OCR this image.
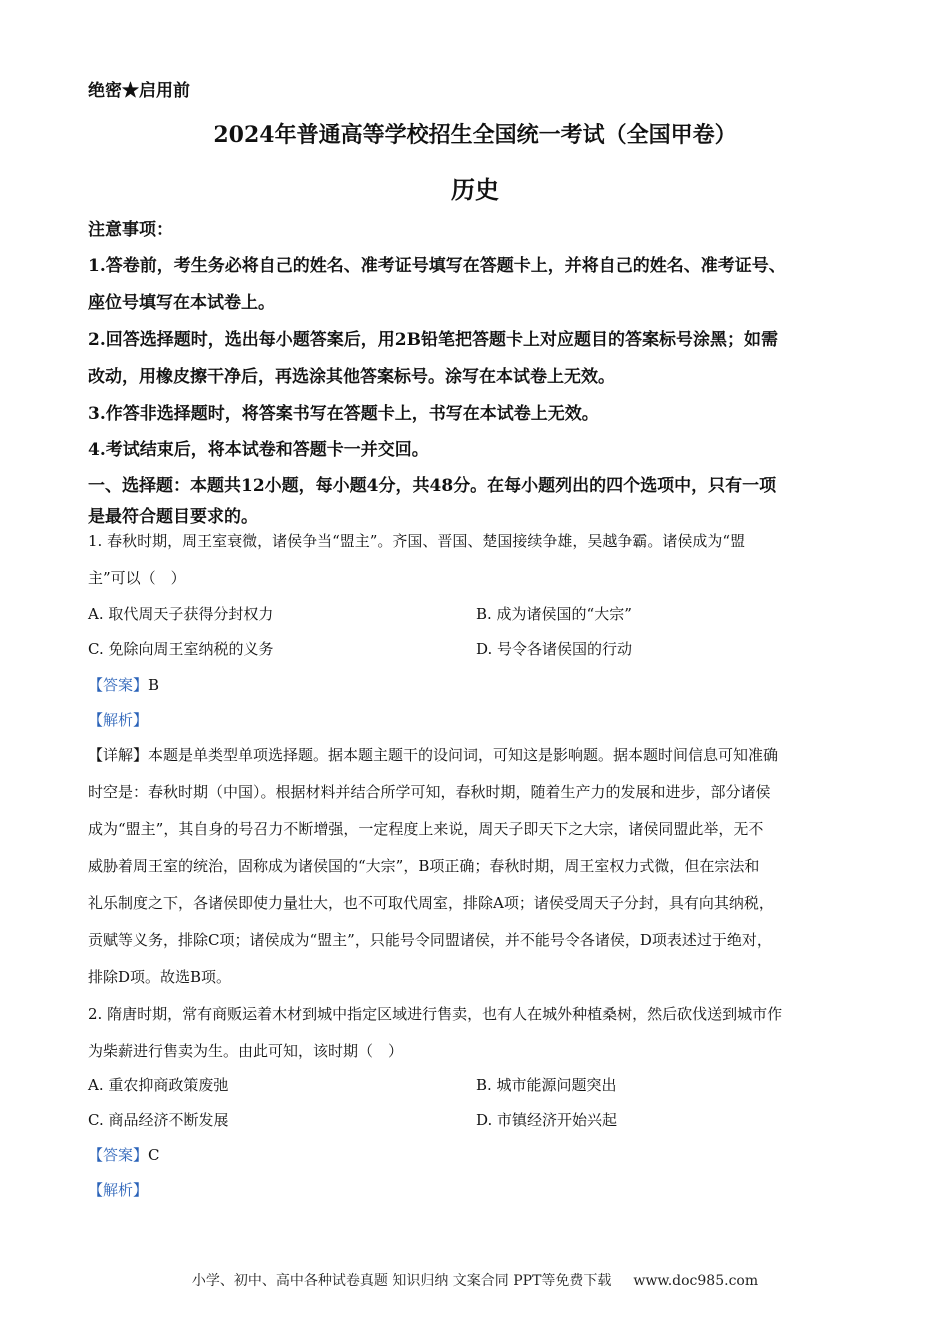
绝密★启用前
2024年普通高等学校招生全国统一考试（全国甲卷）
历史
注意事项：
1.答卷前，考生务必将自己的姓名、准考证号填写在答题卡上，并将自己的姓名、准考证号、
座位号填写在本试卷上。
2.回答选择题时，选出每小题答案后，用2B铅笔把答题卡上对应题目的答案标号涂黑；如需
改动，用橡皮擦干净后，再选涂其他答案标号。涂写在本试卷上无效。
3.作答非选择题时，将答案书写在答题卡上，书写在本试卷上无效。
4.考试结束后，将本试卷和答题卡一并交回。
一、选择题：本题共12小题，每小题4分，共48分。在每小题列出的四个选项中，只有一项
是最符合题目要求的。
1. 春秋时期，周王室衰微，诸侯争当“盟主”。齐国、晋国、楚国接续争雄，吴越争霸。诸侯成为“盟
主”可以（　）
A. 取代周天子获得分封权力	B. 成为诸侯国的“大宗”
C. 免除向周王室纳税的义务	D. 号令各诸侯国的行动
【答案】B
【解析】
【详解】本题是单类型单项选择题。据本题主题干的设问词，可知这是影响题。据本题时间信息可知准确
时空是：春秋时期（中国）。根据材料并结合所学可知，春秋时期，随着生产力的发展和进步，部分诸侯
成为“盟主”，其自身的号召力不断增强，一定程度上来说，周天子即天下之大宗，诸侯同盟此举，无不
威胁着周王室的统治，固称成为诸侯国的“大宗”，B项正确；春秋时期，周王室权力式微，但在宗法和
礼乐制度之下，各诸侯即使力量壮大，也不可取代周室，排除A项；诸侯受周天子分封，具有向其纳税，
贡赋等义务，排除C项；诸侯成为“盟主”，只能号令同盟诸侯，并不能号令各诸侯，D项表述过于绝对，
排除D项。故选B项。
2. 隋唐时期，常有商贩运着木材到城中指定区域进行售卖，也有人在城外种植桑树，然后砍伐送到城市作
为柴薪进行售卖为生。由此可知，该时期（　）
A. 重农抑商政策废弛	B. 城市能源问题突出
C. 商品经济不断发展	D. 市镇经济开始兴起
【答案】C
【解析】
小学、初中、高中各种试卷真题 知识归纳 文案合同 PPT等免费下载 www.doc985.com
